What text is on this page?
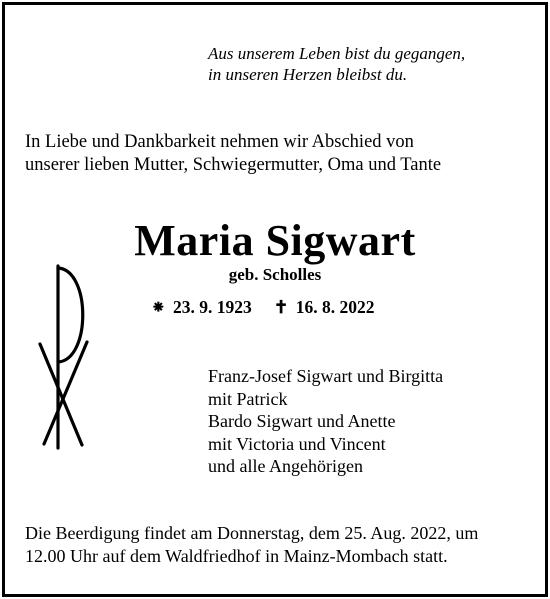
Aus unserem Leben bist du gegangen,
in unseren Herzen bleibst du.
In Liebe und Dankbarkeit nehmen wir Abschied von
unserer lieben Mutter, Schwiegermutter, Oma und Tante
Maria Sigwart
geb. Scholles
⁕ 23. 9. 1923 ✝ 16. 8. 2022
Franz-Josef Sigwart und Birgitta
mit Patrick
Bardo Sigwart und Anette
mit Victoria und Vincent
und alle Angehörigen
Die Beerdigung findet am Donnerstag, dem 25. Aug. 2022, um
12.00 Uhr auf dem Waldfriedhof in Mainz-Mombach statt.
